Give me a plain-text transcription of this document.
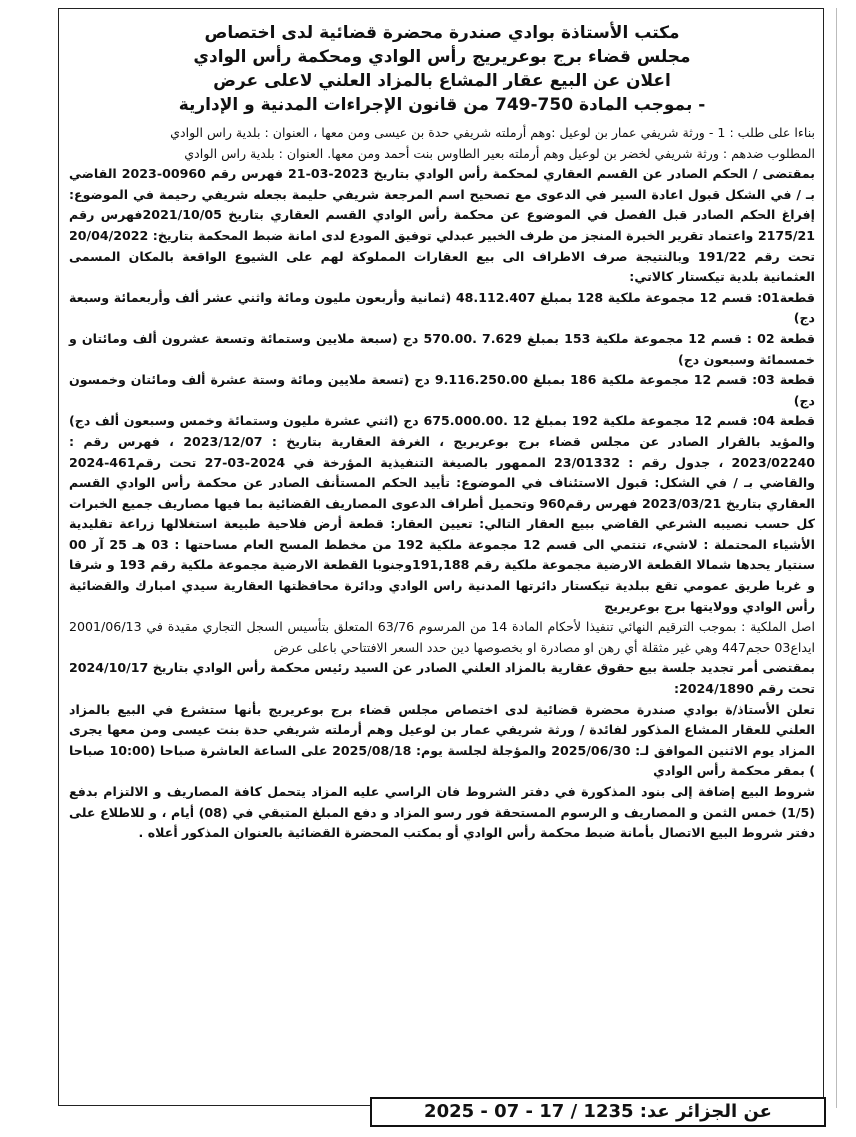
مكتب الأستاذة بوادي صندرة محضرة قضائية لدى اختصاص
مجلس قضاء برج بوعريريج رأس الوادي ومحكمة رأس الوادي
اعلان عن البيع عقار المشاع بالمزاد العلني لاعلى عرض
- بموجب المادة 750-749 من قانون الإجراءات المدنية و الإدارية

بناءا على طلب : 1 - ورثة شريفي عمار بن لوعيل :وهم أرملته شريفي حدة بن عيسى ومن معها ، العنوان : بلدية راس الوادي

المطلوب ضدهم : ورثة شريفي لخضر بن لوعيل وهم أرملته بعير الطاوس بنت أحمد ومن معها. العنوان : بلدية راس الوادي

بمقتضى / الحكم الصادر عن القسم العقاري لمحكمة رأس الوادي بتاريخ 2023-03-21 فهرس رقم 00960-2023 القاضي بـ / في الشكل قبول اعادة السير في الدعوى مع تصحيح اسم المرجعة شريفي حليمة بجعله شريفي رحيمة في الموضوع: إفراغ الحكم الصادر قبل الفصل في الموضوع عن محكمة رأس الوادي القسم العقاري بتاريخ 2021/10/05فهرس رقم 2175/21 واعتماد تقرير الخبرة المنجز من طرف الخبير عبدلي توفيق المودع لدى امانة ضبط المحكمة بتاريخ: 20/04/2022 تحت رقم 191/22 وبالنتيجة صرف الاطراف الى بيع العقارات المملوكة لهم على الشيوع الواقعة بالمكان المسمى العثمانية بلدية تيكستار كالاتي:

قطعة01: قسم 12 مجموعة ملكية 128 بمبلغ 48.112.407 (ثمانية وأربعون مليون ومائة واثني عشر ألف وأربعمائة وسبعة دج)

قطعة 02 : قسم 12 مجموعة ملكية 153 بمبلغ 7.629 .570.00 دج (سبعة ملايين وستمائة وتسعة عشرون ألف ومائتان و خمسمائة وسبعون دج)

قطعة 03: قسم 12 مجموعة ملكية 186 بمبلغ 9.116.250.00 دج (تسعة ملايين ومائة وستة عشرة ألف ومائتان وخمسون دج)

قطعة 04: قسم 12 مجموعة ملكية 192 بمبلغ 12 .675.000.00 دج (اثني عشرة مليون وستمائة وخمس وسبعون ألف دج) والمؤيد بالقرار الصادر عن مجلس قضاء برج بوعريريج ، الغرفة العقارية بتاريخ : 2023/12/07 ، فهرس رقم : 2023/02240 ، جدول رقم : 23/01332 الممهور بالصيغة التنفيذية المؤرخة في 2024-03-27 تحت رقم461-2024 والقاضي بـ / في الشكل: قبول الاستئناف في الموضوع: تأييد الحكم المستأنف الصادر عن محكمة رأس الوادي القسم العقاري بتاريخ 2023/03/21 فهرس رقم960 وتحميل أطراف الدعوى المصاريف القضائية بما فيها مصاريف جميع الخبرات كل حسب نصيبه الشرعي القاضي ببيع العقار التالي: تعيين العقار: قطعة أرض فلاحية طبيعة استغلالها زراعة تقليدية الأشياء المحتملة : لاشيء، تنتمي الى قسم 12 مجموعة ملكية 192 من مخطط المسح العام مساحتها : 03 هـ 25 آر 00 سنتيار يحدها شمالا القطعة الارضية مجموعة ملكية رقم 191,188وجنوبا القطعة الارضية مجموعة ملكية رقم 193 و شرقا و غربا طريق عمومي تقع ببلدية تيكستار دائرتها المدنية راس الوادي ودائرة محافظتها العقارية سيدي امبارك والقضائية رأس الوادي وولايتها برج بوعريريج

اصل الملكية : بموجب الترقيم النهائي تنفيذا لأحكام المادة 14 من المرسوم 63/76 المتعلق بتأسيس السجل التجاري مقيدة في 2001/06/13 ايداع03 حجم447 وهي غير مثقلة أي رهن او مصادرة او بخصوصها دين حدد السعر الافتتاحي باعلى عرض

بمقتضى أمر تجديد جلسة بيع حقوق عقارية بالمزاد العلني الصادر عن السيد رئيس محكمة رأس الوادي بتاريخ 2024/10/17 تحت رقم 2024/1890:

تعلن الأستاذ/ة بوادي صندرة محضرة قضائية لدى اختصاص مجلس قضاء برج بوعريريج بأنها ستشرع في البيع بالمزاد العلني للعقار المشاع المذكور لفائدة / ورثة شريفي عمار بن لوعيل وهم أرملته شريفي حدة بنت عيسى ومن معها يجرى المزاد يوم الاثنين الموافق لـ: 2025/06/30 والمؤجلة لجلسة يوم: 2025/08/18 على الساعة العاشرة صباحا (10:00 صباحا ) بمقر محكمة رأس الوادي

شروط البيع إضافة إلى بنود المذكورة في دفتر الشروط فان الراسي عليه المزاد يتحمل كافة المصاريف و الالتزام بدفع (1/5) خمس الثمن و المصاريف و الرسوم المستحقة فور رسو المزاد و دفع المبلغ المتبقي في (08) أيام ، و للاطلاع على دفتر شروط البيع الاتصال بأمانة ضبط محكمة رأس الوادي أو بمكتب المحضرة القضائية بالعنوان المذكور أعلاه .

عن الجزائر عد: 1235 / 17 - 07 - 2025
